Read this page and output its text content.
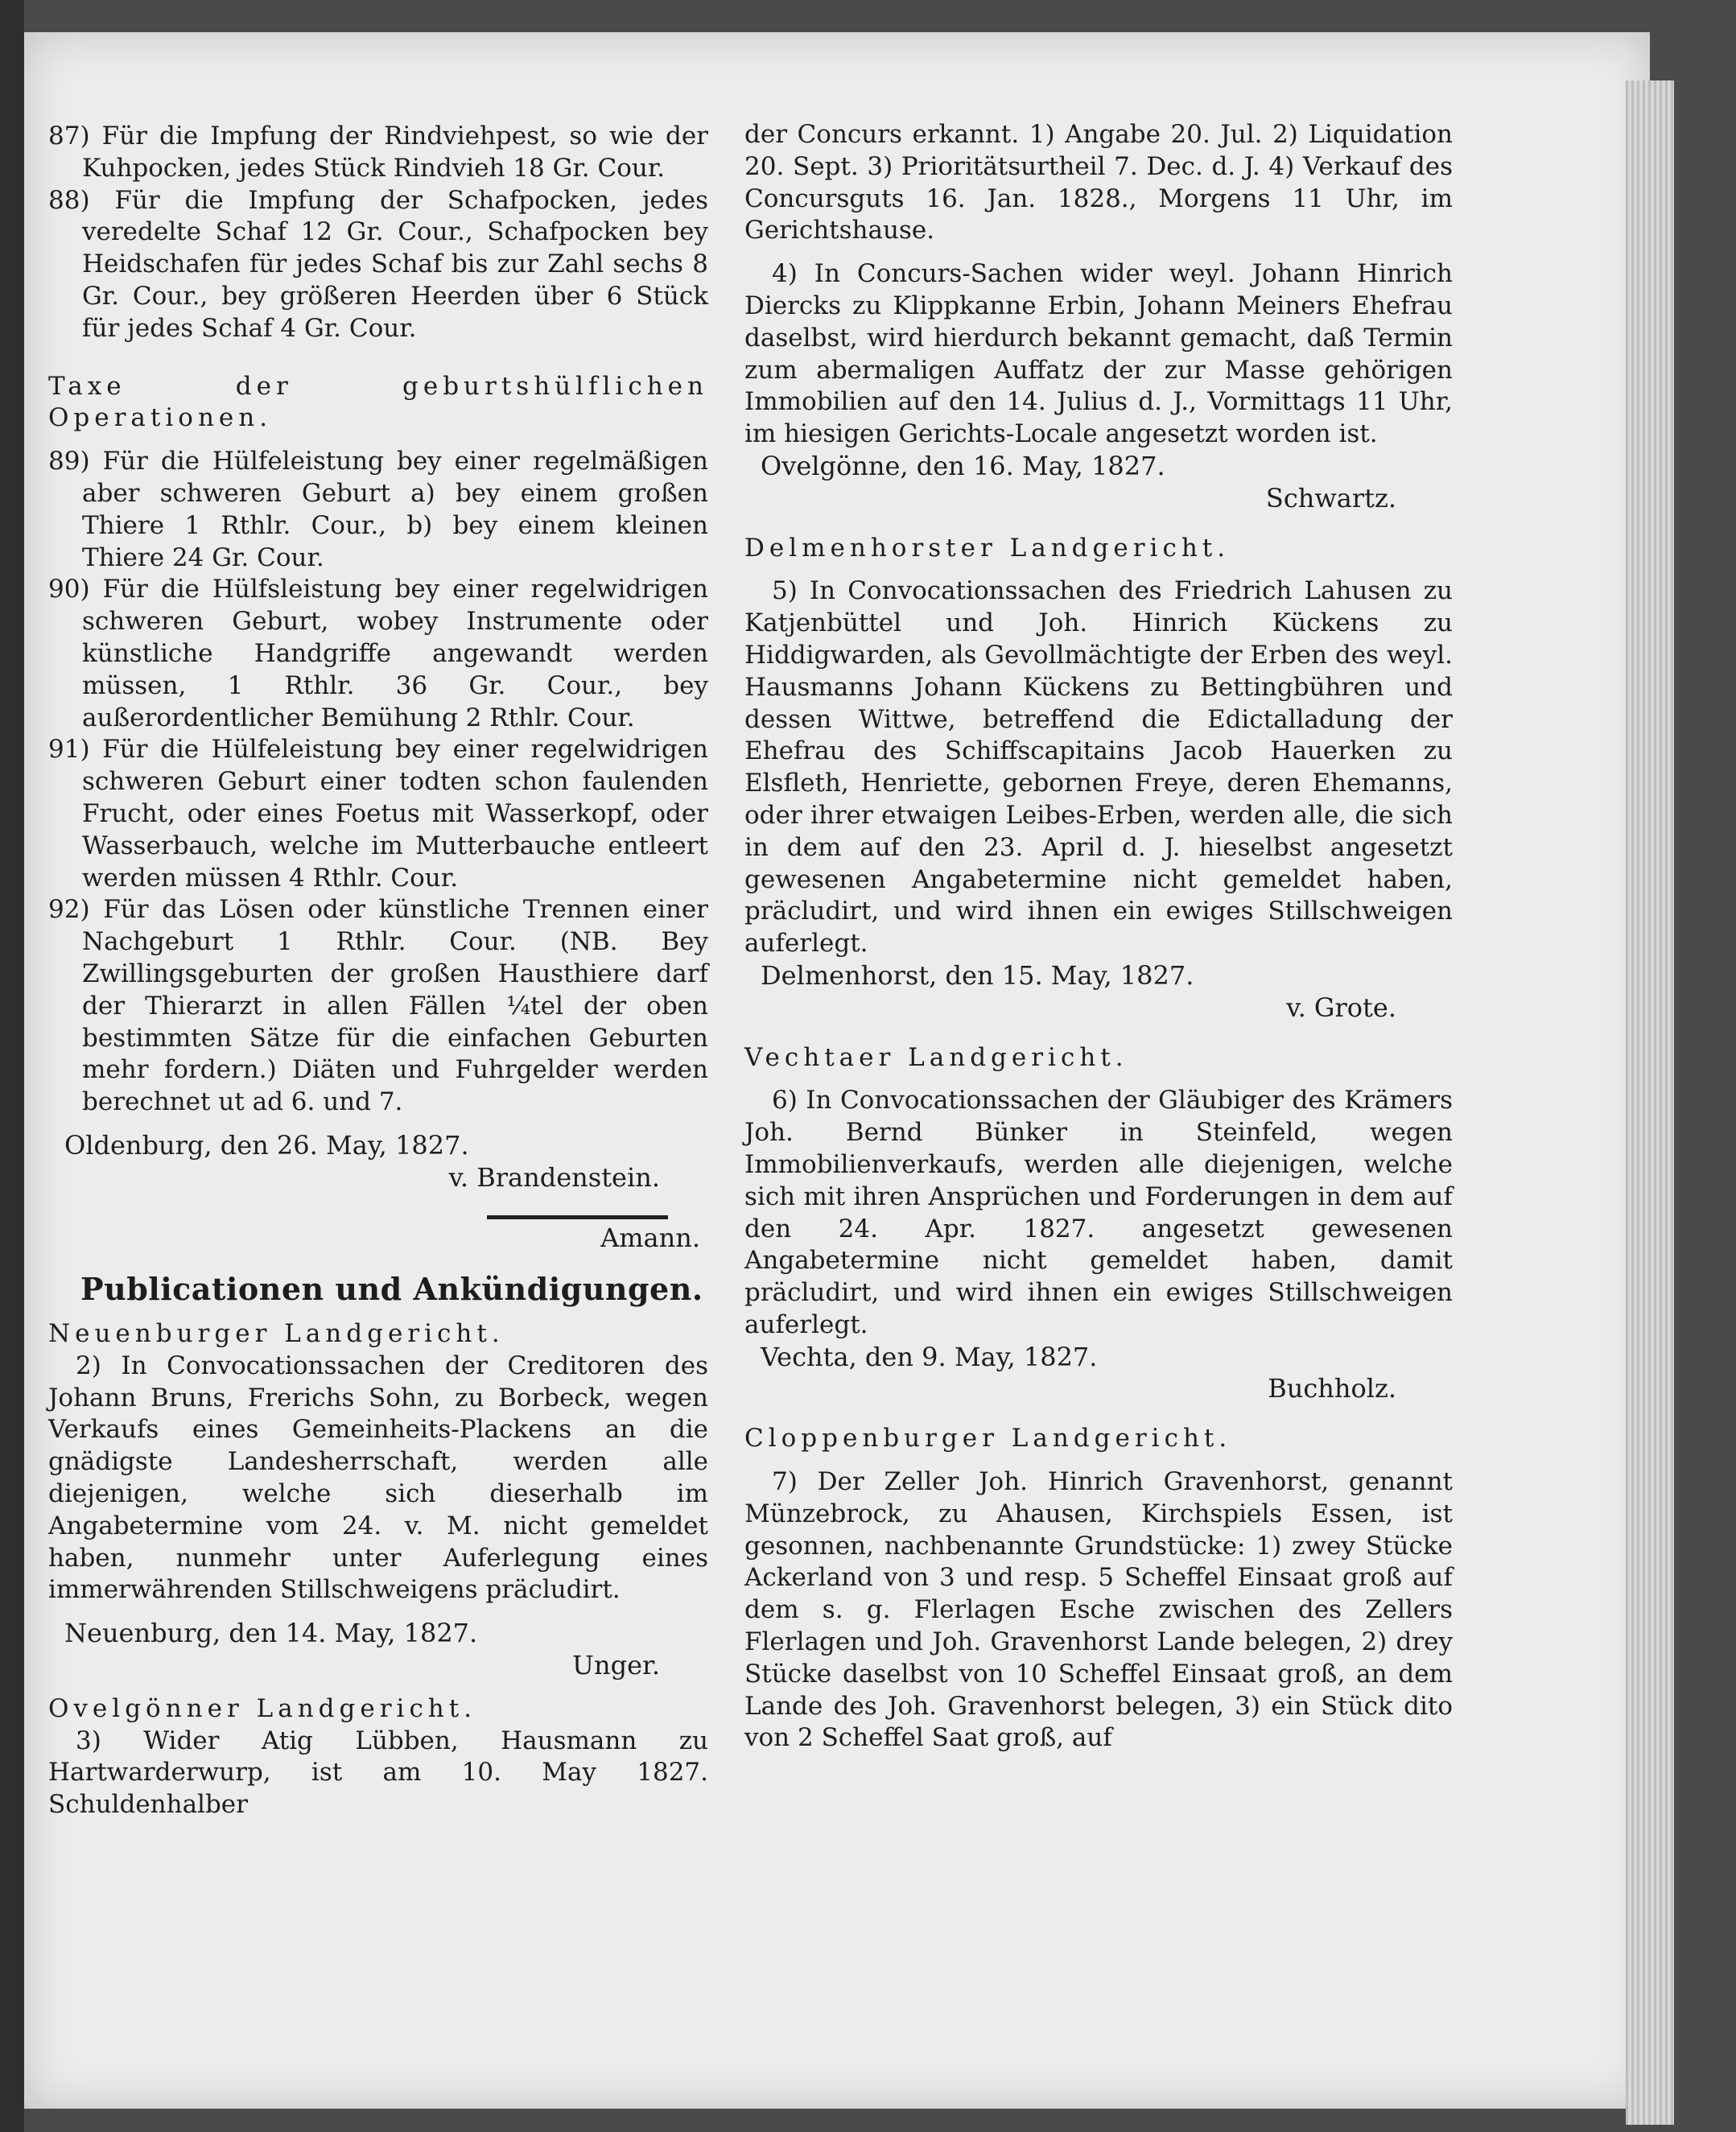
87) Für die Impfung der Rindviehpest, so wie der Kuhpocken, jedes Stück Rindvieh 18 Gr. Cour.

88) Für die Impfung der Schafpocken, jedes veredelte Schaf 12 Gr. Cour., Schafpocken bey Heidschafen für jedes Schaf bis zur Zahl sechs 8 Gr. Cour., bey größeren Heerden über 6 Stück für jedes Schaf 4 Gr. Cour.

Taxe der geburtshülflichen Operationen.

89) Für die Hülfeleistung bey einer regelmäßigen aber schweren Geburt a) bey einem großen Thiere 1 Rthlr. Cour., b) bey einem kleinen Thiere 24 Gr. Cour.

90) Für die Hülfsleistung bey einer regelwidrigen schweren Geburt, wobey Instrumente oder künstliche Handgriffe angewandt werden müssen, 1 Rthlr. 36 Gr. Cour., bey außerordentlicher Bemühung 2 Rthlr. Cour.

91) Für die Hülfeleistung bey einer regelwidrigen schweren Geburt einer todten schon faulenden Frucht, oder eines Foetus mit Wasserkopf, oder Wasserbauch, welche im Mutterbauche entleert werden müssen 4 Rthlr. Cour.

92) Für das Lösen oder künstliche Trennen einer Nachgeburt 1 Rthlr. Cour. (NB. Bey Zwillingsgeburten der großen Hausthiere darf der Thierarzt in allen Fällen ¼tel der oben bestimmten Sätze für die einfachen Geburten mehr fordern.) Diäten und Fuhrgelder werden berechnet ut ad 6. und 7.

Oldenburg, den 26. May, 1827.

v. Brandenstein.

Amann.

Publicationen und Ankündigungen.

Neuenburger Landgericht.

2) In Convocationssachen der Creditoren des Johann Bruns, Frerichs Sohn, zu Borbeck, wegen Verkaufs eines Gemeinheits-Plackens an die gnädigste Landesherrschaft, werden alle diejenigen, welche sich dieserhalb im Angabetermine vom 24. v. M. nicht gemeldet haben, nunmehr unter Auferlegung eines immerwährenden Stillschweigens präcludirt.

Neuenburg, den 14. May, 1827.

Unger.

Ovelgönner Landgericht.

3) Wider Atig Lübben, Hausmann zu Hartwarderwurp, ist am 10. May 1827. Schuldenhalber

der Concurs erkannt. 1) Angabe 20. Jul. 2) Liquidation 20. Sept. 3) Prioritätsurtheil 7. Dec. d. J. 4) Verkauf des Concursguts 16. Jan. 1828., Morgens 11 Uhr, im Gerichtshause.

4) In Concurs-Sachen wider weyl. Johann Hinrich Diercks zu Klippkanne Erbin, Johann Meiners Ehefrau daselbst, wird hierdurch bekannt gemacht, daß Termin zum abermaligen Auffatz der zur Masse gehörigen Immobilien auf den 14. Julius d. J., Vormittags 11 Uhr, im hiesigen Gerichts-Locale angesetzt worden ist.

Ovelgönne, den 16. May, 1827.

Schwartz.

Delmenhorster Landgericht.

5) In Convocationssachen des Friedrich Lahusen zu Katjenbüttel und Joh. Hinrich Kückens zu Hiddigwarden, als Gevollmächtigte der Erben des weyl. Hausmanns Johann Kückens zu Bettingbühren und dessen Wittwe, betreffend die Edictalladung der Ehefrau des Schiffscapitains Jacob Hauerken zu Elsfleth, Henriette, gebornen Freye, deren Ehemanns, oder ihrer etwaigen Leibes-Erben, werden alle, die sich in dem auf den 23. April d. J. hieselbst angesetzt gewesenen Angabetermine nicht gemeldet haben, präcludirt, und wird ihnen ein ewiges Stillschweigen auferlegt.

Delmenhorst, den 15. May, 1827.

v. Grote.

Vechtaer Landgericht.

6) In Convocationssachen der Gläubiger des Krämers Joh. Bernd Bünker in Steinfeld, wegen Immobilienverkaufs, werden alle diejenigen, welche sich mit ihren Ansprüchen und Forderungen in dem auf den 24. Apr. 1827. angesetzt gewesenen Angabetermine nicht gemeldet haben, damit präcludirt, und wird ihnen ein ewiges Stillschweigen auferlegt.

Vechta, den 9. May, 1827.

Buchholz.

Cloppenburger Landgericht.

7) Der Zeller Joh. Hinrich Gravenhorst, genannt Münzebrock, zu Ahausen, Kirchspiels Essen, ist gesonnen, nachbenannte Grundstücke: 1) zwey Stücke Ackerland von 3 und resp. 5 Scheffel Einsaat groß auf dem s. g. Flerlagen Esche zwischen des Zellers Flerlagen und Joh. Gravenhorst Lande belegen, 2) drey Stücke daselbst von 10 Scheffel Einsaat groß, an dem Lande des Joh. Gravenhorst belegen, 3) ein Stück dito von 2 Scheffel Saat groß, auf
